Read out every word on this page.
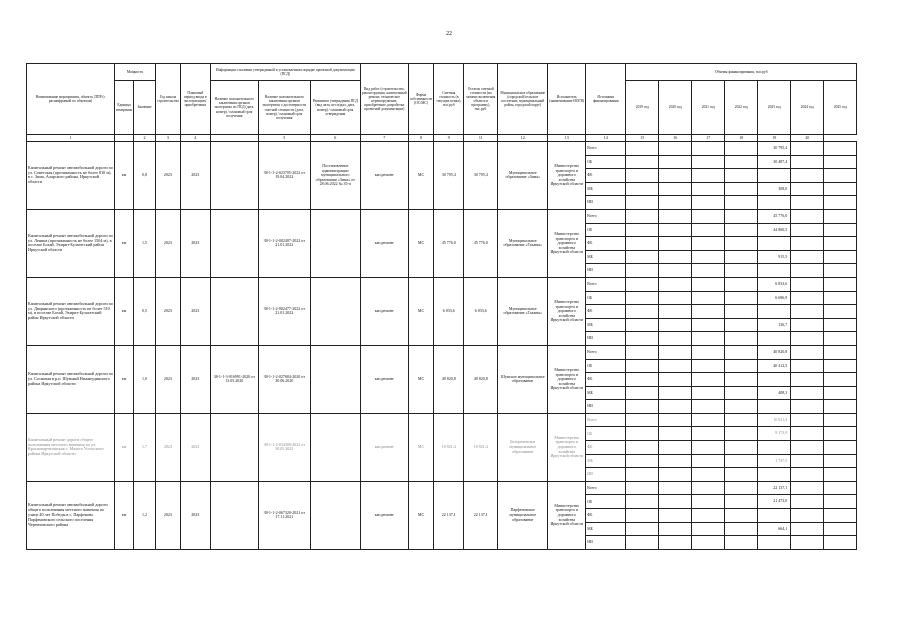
22
Наименование мероприятия, объекта, ППР (с расшифровкой по объектам)	Мощность		Год начала строительства	Плановый период ввода в эксплуатацию/приобретения	Информация о наличии утвержденной в установленном порядке проектной документации (ПСД)			Вид работ (строительство, реконструкция, капитальный ремонт, техническое перевооружение, приобретение, разработка проектной документации)	Форма собственности (ОС/МС)	Сметная стоимость (в текущих ценах), тыс.руб	Остаток сметной стоимости (на момент включения объекта в программу), тыс.руб.	Муниципальное образование (городской/сельское поселение, муниципальный район, городской округ)	Исполнитель (наименование ИОГВ)	Источники финансирования	Объемы финансирования, тыс.руб						
	Единица измерения	Значение			Наличие положительного заключения органов экспертизы по ПСД (дата, номер) / плановый срок получения	Наличие положительного заключения органов экспертизы о достоверности сметной стоимости (дата, номер) / плановый срок получения	Реквизиты утверждения ПСД (вид акта, кто издал, дата, номер) / плановый срок утверждения								2019 год	2020 год	2021 год	2022 год	2023 год	2024 год	2025 год
1		2	3	4		5	6	7	8	9	11	12	13	14	15	16	17	18	19	20	
Капитальный ремонт автомобильной дороги по ул. Советская (протяженность не более 810 м), в с. Зима, Аларского района, Иркутской области	км	0,8	2023	2023		38-1-1-2-023705-2022 от 19.04.2022	Постановление администрации муниципального образования «Зима» от 28.06.2022 № 35-п	кап.ремонт	МС	30 795,4	30 795,4	Муниципальное образование «Зима»	Министерство транспорта и дорожного хозяйства Иркутской области	Всего					30 795,4		
														ОБ					30 487,4		
														ФБ							
														МБ					308,0		
														ИИ							
Капитальный ремонт автомобильной дороги по ул. Ленина (протяженность не более 1504 м), в поселке Бохай, Эхирит-Булагатский район Иркутской области	км	1,5	2023	2023		38-1-1-2-002407-2022 от 21.01.2022		кап.ремонт	МС	45 776,0	45 776,0	Муниципальное образование «Гаханы»	Министерство транспорта и дорожного хозяйства Иркутской области	Всего					45 776,0		
														ОБ					44 860,5		
														ФБ							
														МБ					915,5		
														ИИ							
Капитальный ремонт автомобильной дороги по ул. Дворянского (протяженность не более 510 м), в поселке Бохай, Эхирит-Булагатский район Иркутской области	км	0,5	2023	2023		38-1-1-2-002477-2022 от 21.01.2022		кап.ремонт	МС	6 833,6	6 833,6	Муниципальное образование «Гаханы»	Министерство транспорта и дорожного хозяйства Иркутской области	Всего					6 833,6		
														ОБ					6 696,9		
														ФБ							
														МБ					136,7		
														ИИ							
Капитальный ремонт автомобильной дороги по ул. Сосновая в р.п. Шумный Нижнеудинского района Иркутской области	км	1,0	2023	2023	38-1-1-3-016991-2020 от 13.05.2020	38-1-1-2-027684-2020 от 30.06.2020		кап.ремонт	МС	40 820,8	40 820,8	Шумское муниципальное образование	Министерство транспорта и дорожного хозяйства Иркутской области	Всего					40 820,8		
														ОБ					40 412,5		
														ФБ							
														МБ					408,3		
														ИИ							
Капитальный ремонт дороги общего пользования местного значения по ул. Краснопартизанская с. Мальта Усольского района Иркутской области	км	1,7	2023	2023		38-1-1-2-034309-2022 от 30.05.2022		кап.ремонт	МС	10 921,4	10 921,4	Белореченское муниципальное образование	Министерство транспорта и дорожного хозяйства Иркутской области	Всего					10 921,4		
														ОБ					9 173,9		
														ФБ							
														МБ					1 747,5		
														ИИ							
Капитальный ремонт автомобильной дороги общего пользования местного значения по улице 40 лет Победы в с. Парфеново Парфеновского сельского поселения Черемховского района	км	1,2	2023	2023		38-1-1-2-067320-2021 от 17.11.2021		кап.ремонт	МС	22 137,1	22 137,1	Парфеновское муниципальное образование	Министерство транспорта и дорожного хозяйства Иркутской области	Всего					22 137,1		
														ОБ					21 473,0		
														ФБ							
														МБ					664,1		
														ИИ							
